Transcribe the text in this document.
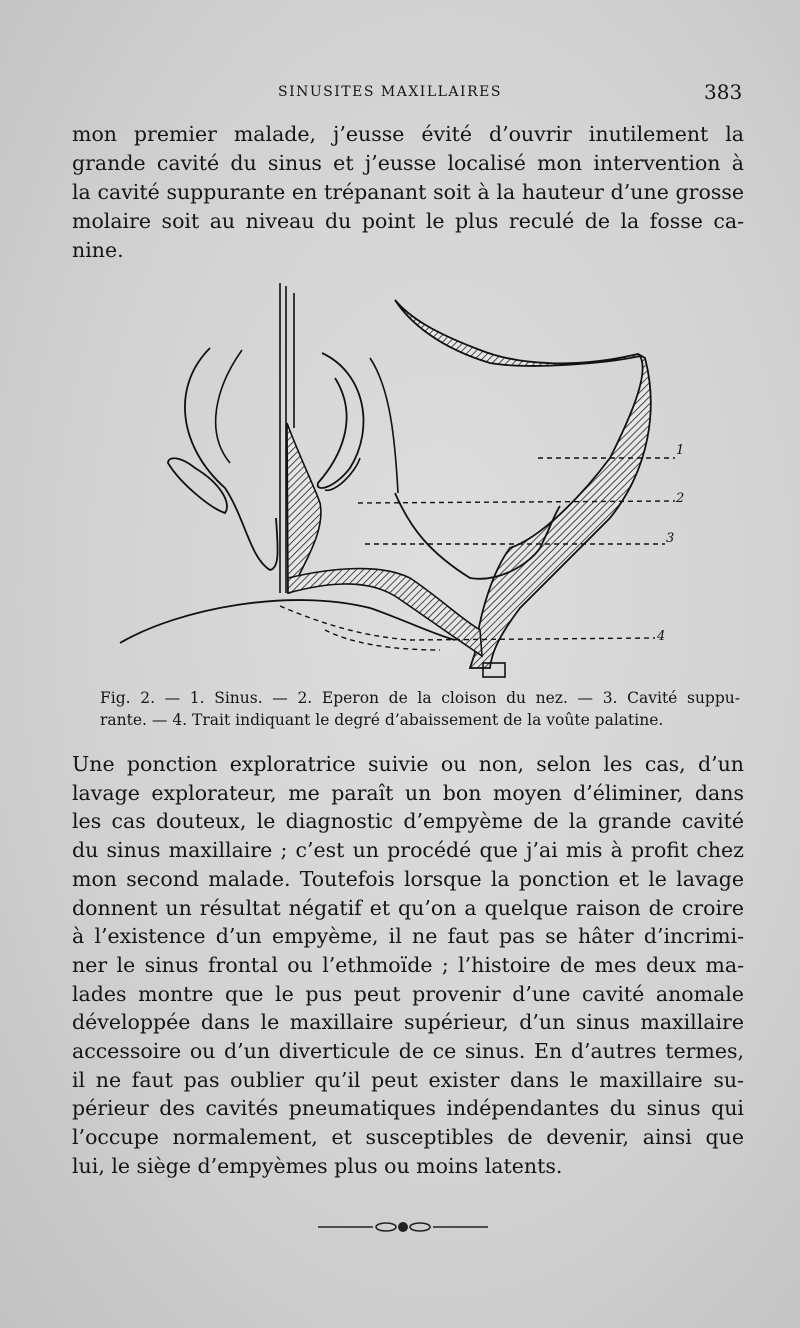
SINUSITES MAXILLAIRES	383

mon premier malade, j’eusse évité d’ouvrir inutilement la
grande cavité du sinus et j’eusse localisé mon intervention à
la cavité suppurante en trépanant soit à la hauteur d’une grosse
molaire soit au niveau du point le plus reculé de la fosse ca-
nine.

1
2
3
4

Fig. 2. — 1. Sinus. — 2. Eperon de la cloison du nez. — 3. Cavité suppu-
rante. — 4. Trait indiquant le degré d’abaissement de la voûte palatine.

Une ponction exploratrice suivie ou non, selon les cas, d’un
lavage explorateur, me paraît un bon moyen d’éliminer, dans
les cas douteux, le diagnostic d’empyème de la grande cavité
du sinus maxillaire ; c’est un procédé que j’ai mis à profit chez
mon second malade. Toutefois lorsque la ponction et le lavage
donnent un résultat négatif et qu’on a quelque raison de croire
à l’existence d’un empyème, il ne faut pas se hâter d’incrimi-
ner le sinus frontal ou l’ethmoïde ; l’histoire de mes deux ma-
lades montre que le pus peut provenir d’une cavité anomale
développée dans le maxillaire supérieur, d’un sinus maxillaire
accessoire ou d’un diverticule de ce sinus. En d’autres termes,
il ne faut pas oublier qu’il peut exister dans le maxillaire su-
périeur des cavités pneumatiques indépendantes du sinus qui
l’occupe normalement, et susceptibles de devenir, ainsi que
lui, le siège d’empyèmes plus ou moins latents.
